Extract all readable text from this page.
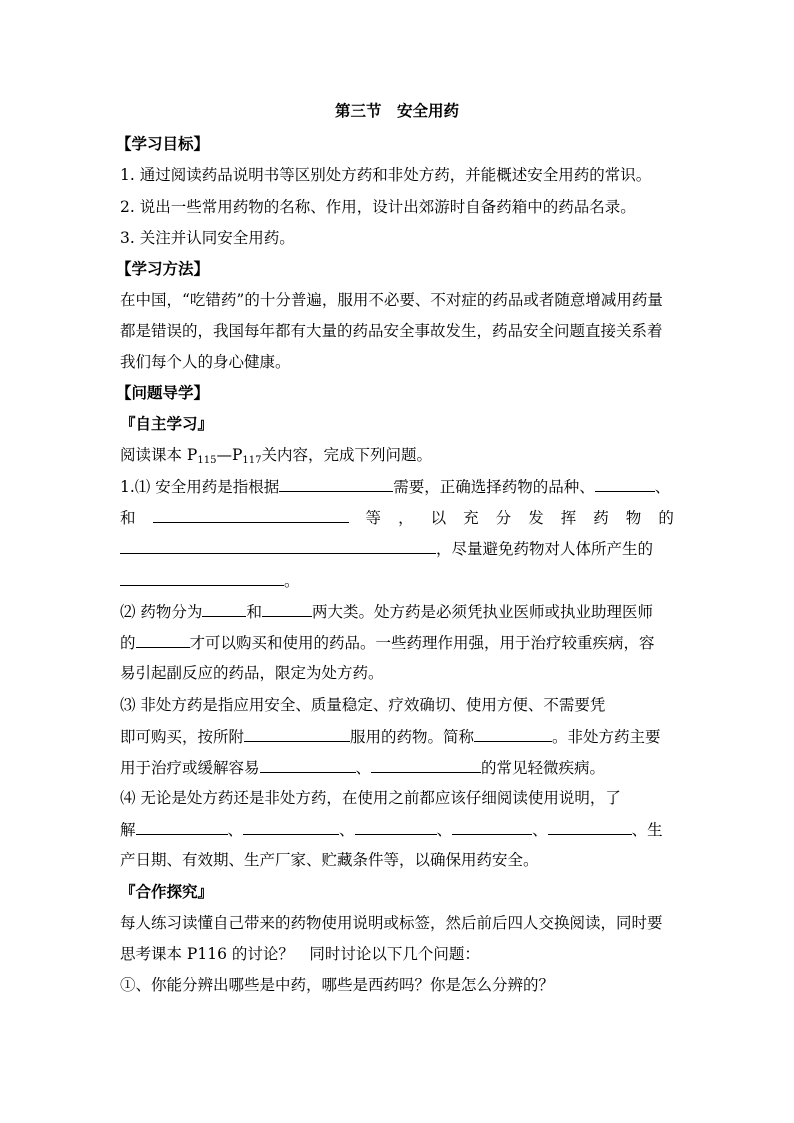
第三节　安全用药
【学习目标】
1. 通过阅读药品说明书等区别处方药和非处方药，并能概述安全用药的常识。
2. 说出一些常用药物的名称、作用，设计出郊游时自备药箱中的药品名录。
3. 关注并认同安全用药。
【学习方法】
在中国，“吃错药”的十分普遍，服用不必要、不对症的药品或者随意增减用药量
都是错误的，我国每年都有大量的药品安全事故发生，药品安全问题直接关系着
我们每个人的身心健康。
【问题导学】
『自主学习』
阅读课本 $P_{115}—P_{117}$关内容，完成下列问题。
1.⑴ 安全用药是指根据	需要，正确选择药物的品种、	、
和	等 ， 以 充 分 发 挥 药 物 的
，尽量避免药物对人体所产生的
。
⑵ 药物分为	和	两大类。处方药是必须凭执业医师或执业助理医师
的	才可以购买和使用的药品。一些药理作用强，用于治疗较重疾病，容
易引起副反应的药品，限定为处方药。
⑶ 非处方药是指应用安全、质量稳定、疗效确切、使用方便、不需要凭
即可购买，按所附	服用的药物。简称	。非处方药主要
用于治疗或缓解容易	、	的常见轻微疾病。
⑷ 无论是处方药还是非处方药，在使用之前都应该仔细阅读使用说明，了
解	、	、	、	、	、生
产日期、有效期、生产厂家、贮藏条件等，以确保用药安全。
『合作探究』
每人练习读懂自己带来的药物使用说明或标签，然后前后四人交换阅读，同时要
思考课本 P116 的讨论？　同时讨论以下几个问题：
①、你能分辨出哪些是中药，哪些是西药吗？你是怎么分辨的？
